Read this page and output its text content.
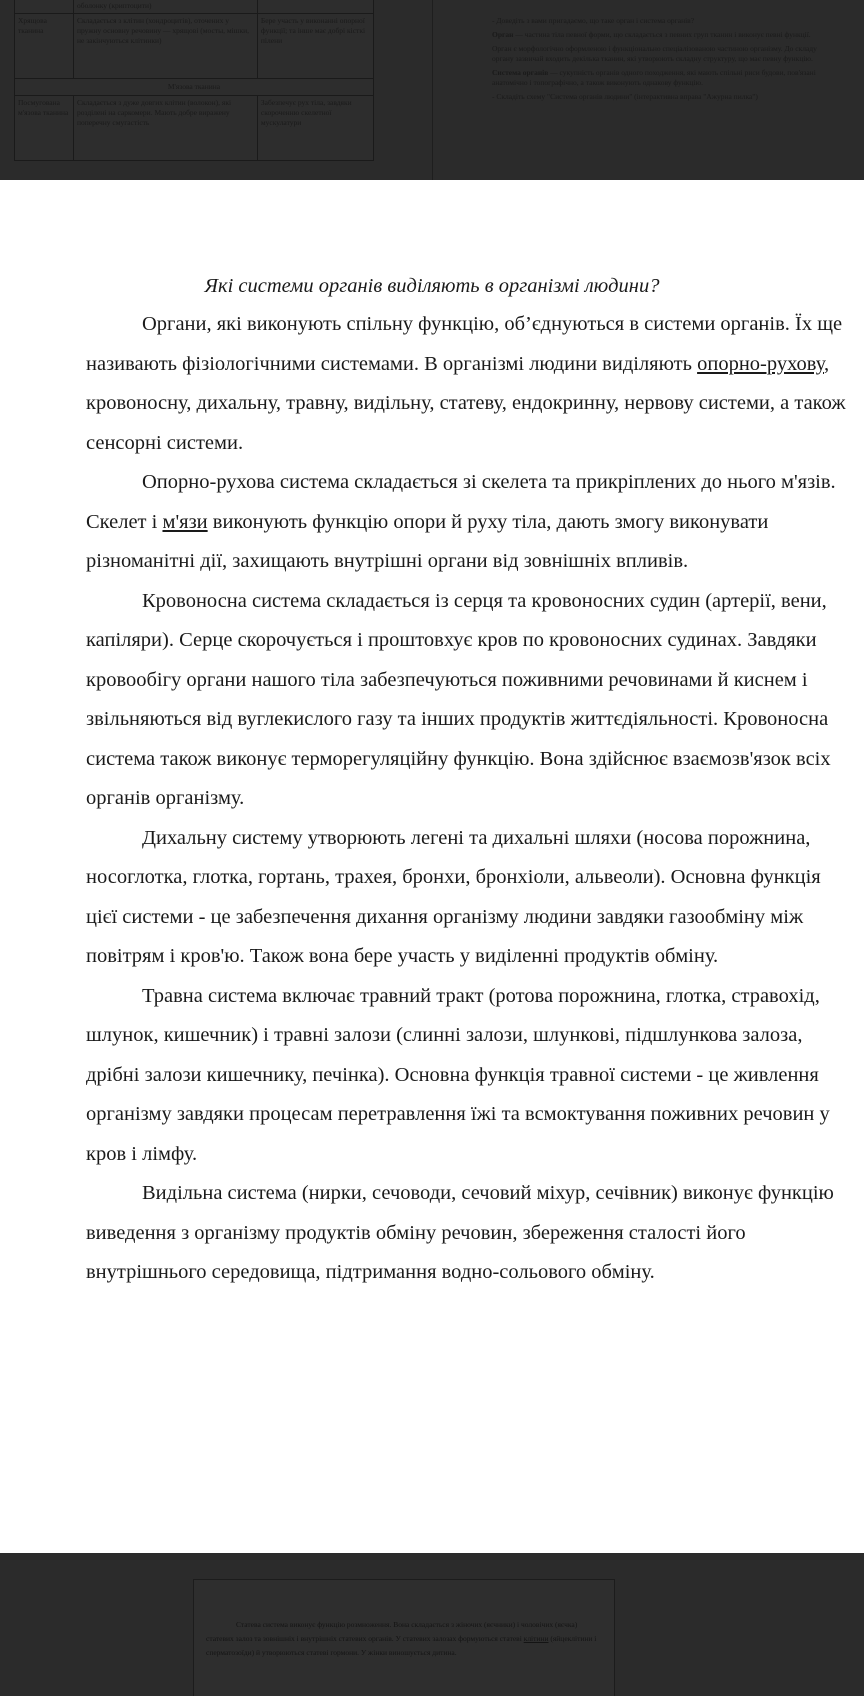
оболонку (криптоцити)	
Хрящова тканина	Складається з клітин (хондроцитів), оточених у пружну основну речовину — хрящові (мосты, мішки, не закінчуються клітинки)	Бере участь у виконанні опорної функції; та інше має добрі кісткі пілени
М'язова тканина		
Посмугована м'язова тканина	Складається з дуже довгих клітин (волокон), які розділені на саркомери. Мають добре виражену поперечну смугастість	Забезпечує рух тіла, завдяки скороченню скелетної мускулатури

- Доведіть з вами пригадаємо, що таке орган і система органів?

Орган — частина тіла певної форми, що складається з певних груп тканин і виконує певні функції.

Орган є морфологічно оформленою і функціонально спеціалізованою частиною організму. До складу органу зазвичай входить декілька тканин, які утворюють складну структуру, що має певну функцію.

Система органів — сукупність органів одного походження, які мають спільні риси будови, пов'язані анатомічно і топографічно, а також виконують однакову функцію.

- Складіть схему "Система органів людини" (інтерактивна вправа "Ажурна пилка")

Які системи органів виділяють в організмі людини?

Органи, які виконують спільну функцію, об’єднуються в системи органів. Їх ще називають фізіологічними системами. В організмі людини виділяють опорно-рухову, кровоносну, дихальну, травну, видільну, статеву, ендокринну, нервову системи, а також сенсорні системи.

Опорно-рухова система складається зі скелета та прикріплених до нього м'язів. Скелет і м'язи виконують функцію опори й руху тіла, дають змогу виконувати різноманітні дії, захищають внутрішні органи від зовнішніх впливів.

Кровоносна система складається із серця та кровоносних судин (артерії, вени, капіляри). Серце скорочується і проштовхує кров по кровоносних судинах. Завдяки кровообігу органи нашого тіла забезпечуються поживними речовинами й киснем і звільняються від вуглекислого газу та інших продуктів життєдіяльності. Кровоносна система також виконує терморегуляційну функцію. Вона здійснює взаємозв'язок всіх органів організму.

Дихальну систему утворюють легені та дихальні шляхи (носова порожнина, носоглотка, глотка, гортань, трахея, бронхи, бронхіоли, альвеоли). Основна функція цієї системи - це забезпечення дихання організму людини завдяки газообміну між повітрям і кров'ю. Також вона бере участь у виділенні продуктів обміну.

Травна система включає травний тракт (ротова порожнина, глотка, стравохід, шлунок, кишечник) і травні залози (слинні залози, шлункові, підшлункова залоза, дрібні залози кишечнику, печінка). Основна функція травної системи - це живлення організму завдяки процесам перетравлення їжі та всмоктування поживних речовин у кров і лімфу.

Видільна система (нирки, сечоводи, сечовий міхур, сечівник) виконує функцію виведення з організму продуктів обміну речовин, збереження сталості його внутрішнього середовища, підтримання водно-сольового обміну.

Статева система виконує функцію розмноження. Вона складається з жіночих (яєчники) і чоловічих (яєчка) статевих залоз та зовнішніх і внутрішніх статевих органів. У статевих залозах формуються статеві клітини (яйцеклітини і сперматозоїди) й утворюються статеві гормони. У жінки виношується дитина.
